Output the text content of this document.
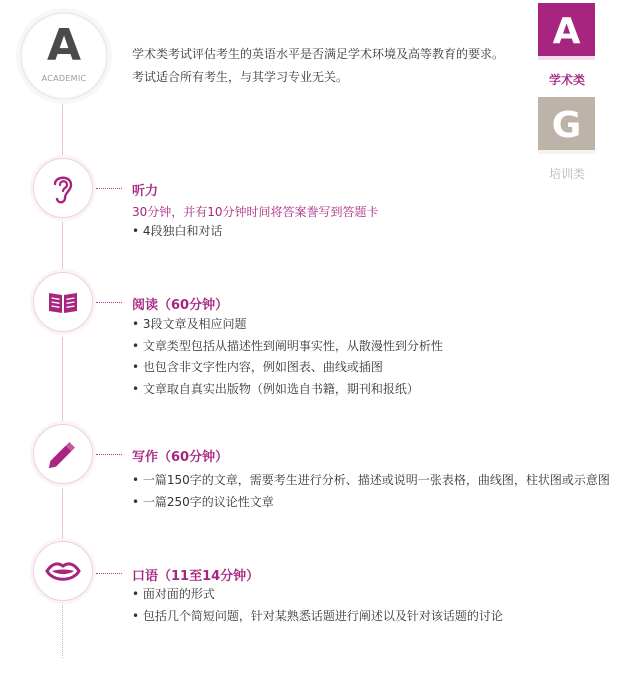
A
ACADEMIC
学术类考试评估考生的英语水平是否满足学术环境及高等教育的要求。
考试适合所有考生，与其学习专业无关。
A
学术类
G
培训类
听力
30分钟，并有10分钟时间将答案誊写到答题卡
• 4段独白和对话
阅读（60分钟）
• 3段文章及相应问题
• 文章类型包括从描述性到阐明事实性，从散漫性到分析性
• 也包含非文字性内容，例如图表、曲线或插图
• 文章取自真实出版物（例如选自书籍，期刊和报纸）
写作（60分钟）
• 一篇150字的文章，需要考生进行分析、描述或说明一张表格，曲线图，柱状图或示意图
• 一篇250字的议论性文章
口语（11至14分钟）
• 面对面的形式
• 包括几个简短问题，针对某熟悉话题进行阐述以及针对该话题的讨论
